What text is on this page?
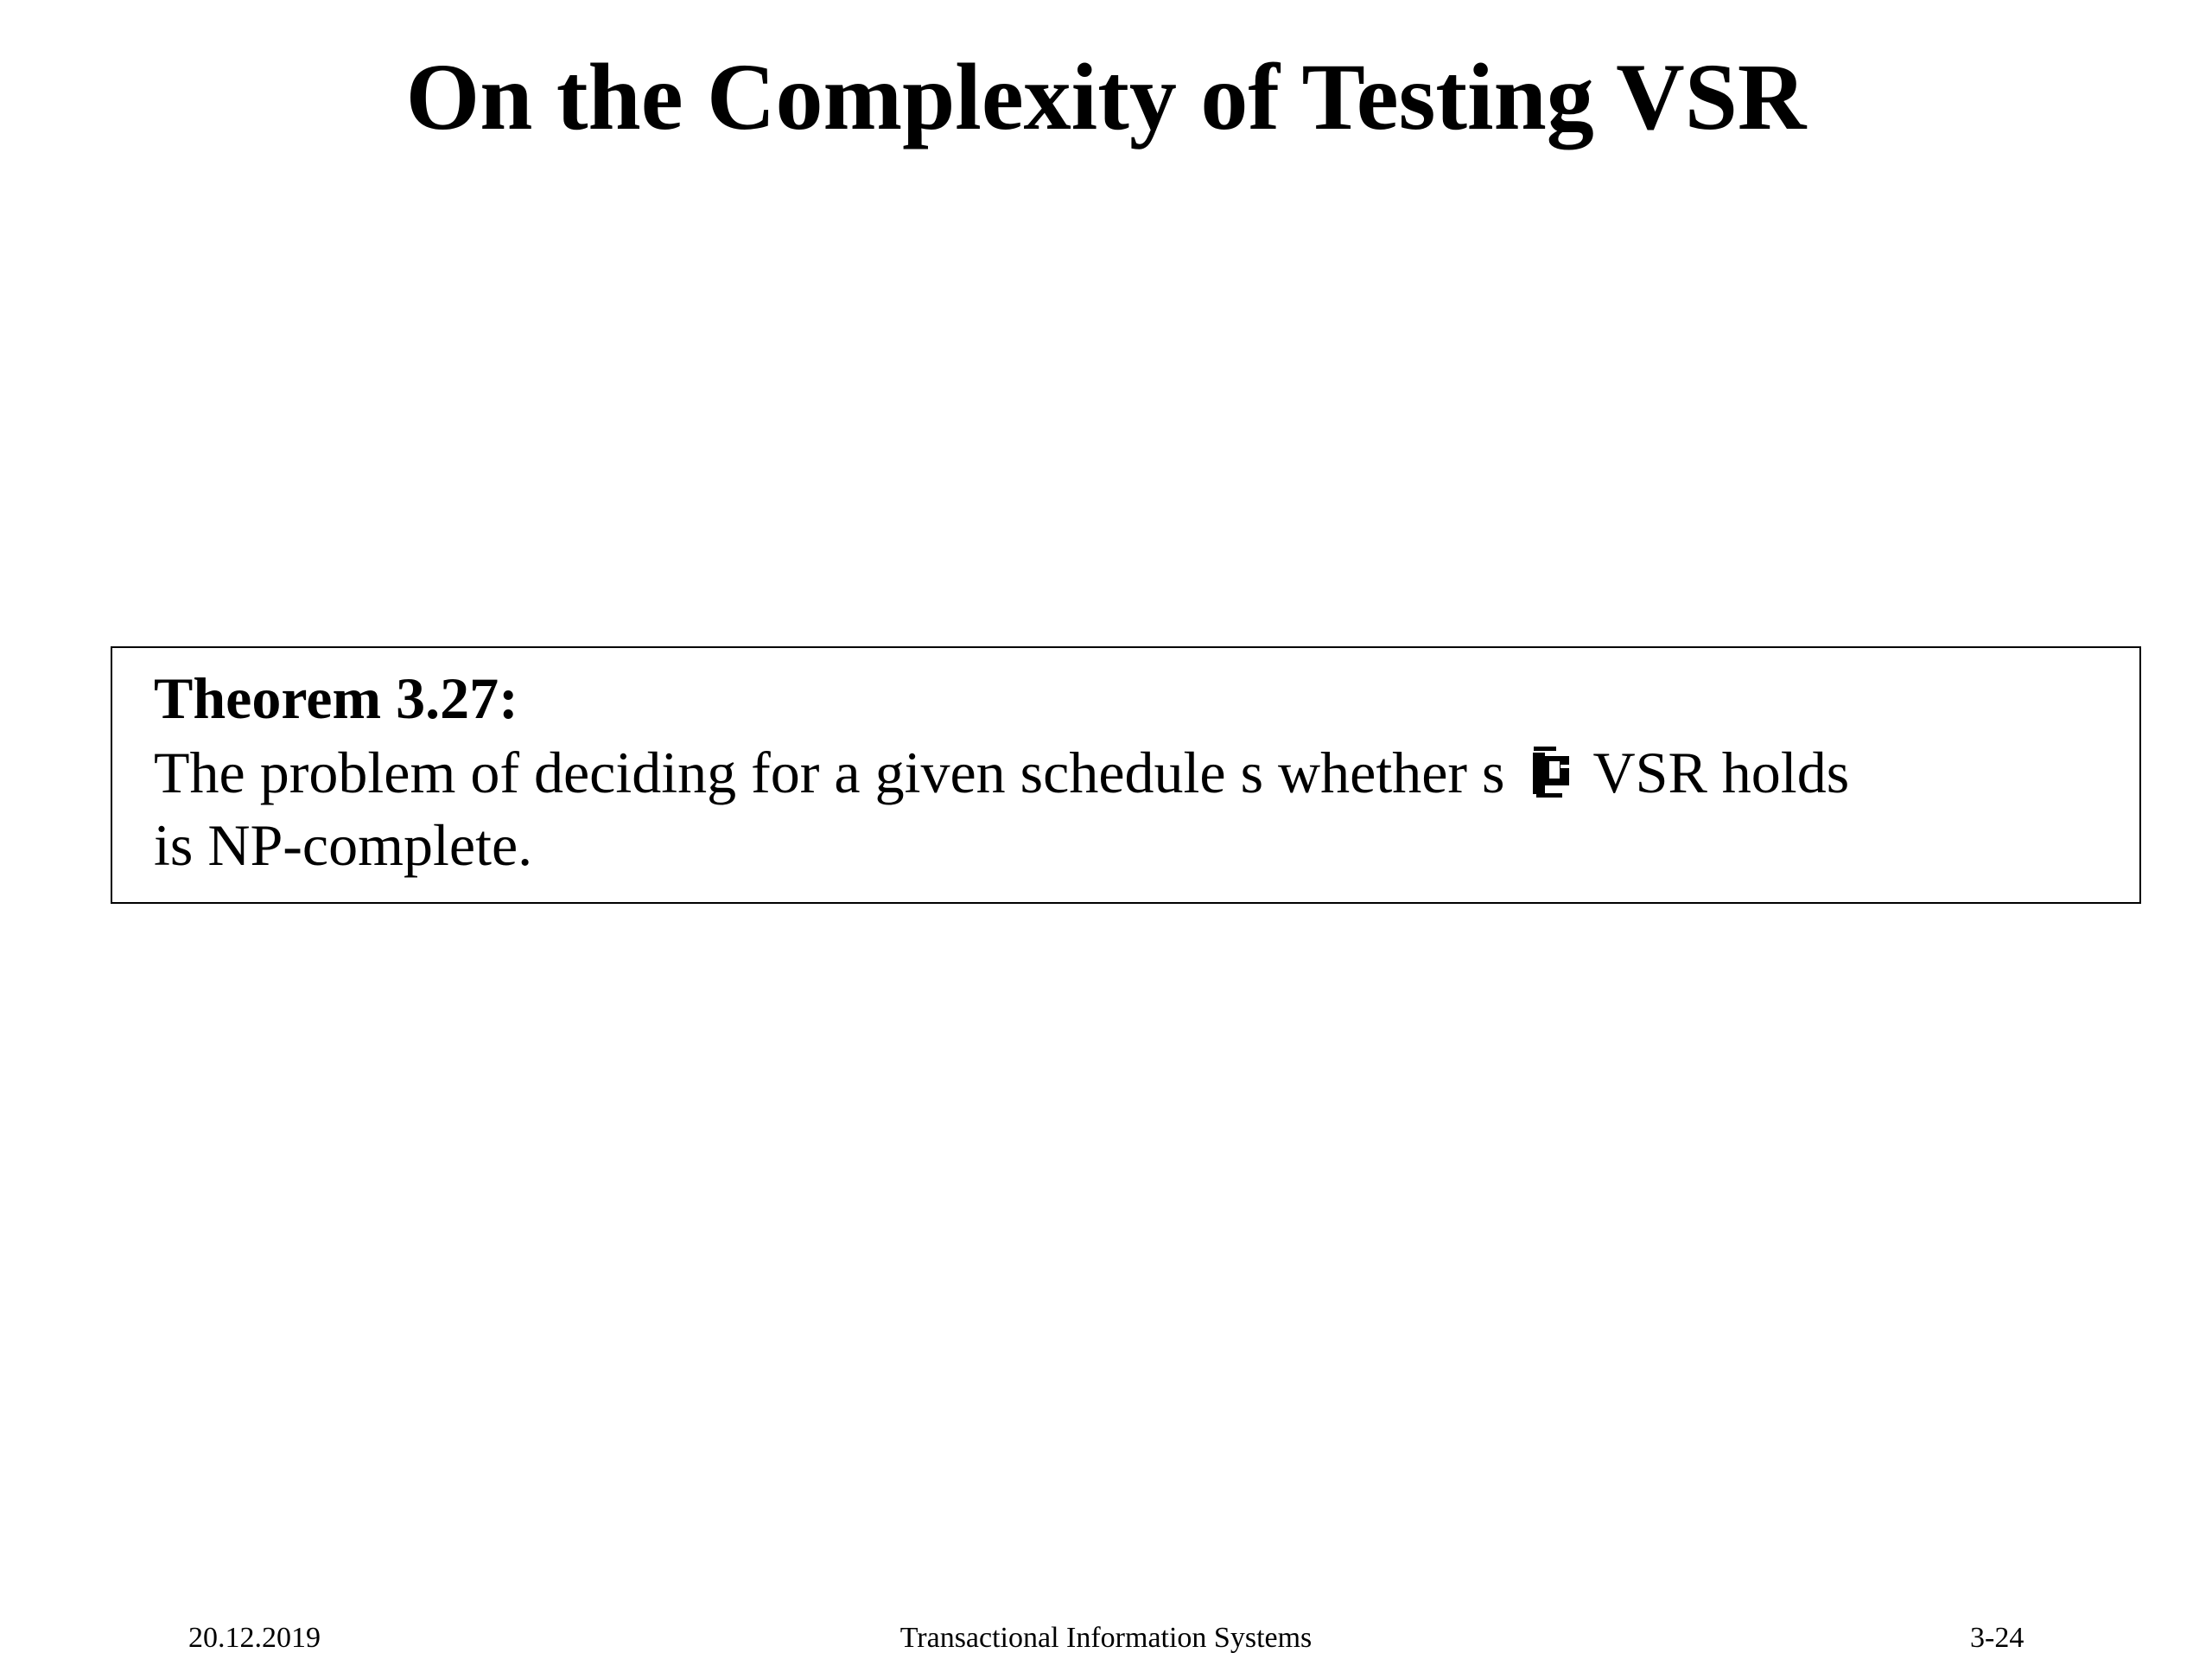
On the Complexity of Testing VSR
Theorem 3.27:
The problem of deciding for a given schedule s whether s VSR holds
is NP-complete.
20.12.2019	Transactional Information Systems	3-24
